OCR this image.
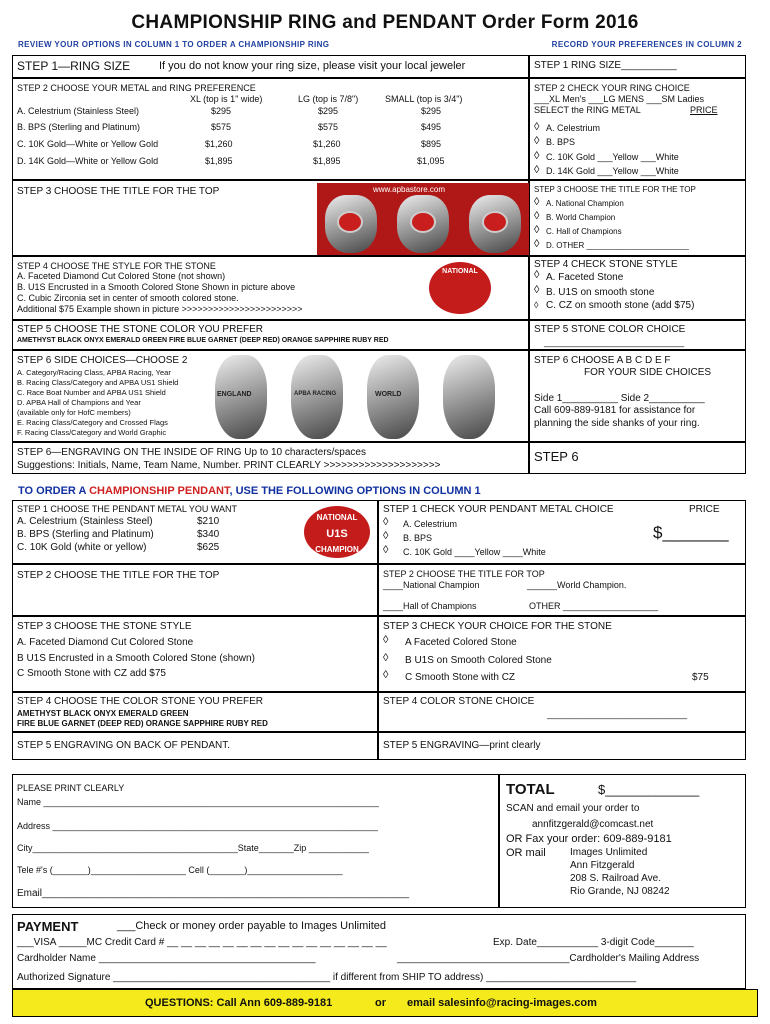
CHAMPIONSHIP RING and PENDANT Order Form 2016
REVIEW YOUR OPTIONS IN COLUMN 1 TO ORDER A CHAMPIONSHIP RING	RECORD YOUR PREFERENCES IN COLUMN 2
STEP 1—RING SIZE	If you do not know your ring size, please visit your local jeweler	STEP 1 RING SIZE__________
STEP 2 CHOOSE YOUR METAL and RING PREFERENCE
XL (top is 1" wide)	LG (top is 7/8")	SMALL (top is 3/4")
A. Celestrium (Stainless Steel)	$295	$295	$295
B. BPS (Sterling and Platinum)	$575	$575	$495
C. 10K Gold—White or Yellow Gold	$1,260	$1,260	$895
D. 14K Gold—White or Yellow Gold	$1,895	$1,895	$1,095
STEP 2 CHECK YOUR RING CHOICE
___XL Men's ___LG MENS ___SM Ladies
SELECT the RING METAL	PRICE
◊ A. Celestrium
◊ B. BPS
◊ C. 10K Gold ___Yellow ___White
◊ D. 14K Gold ___Yellow ___White
STEP 3 CHOOSE THE TITLE FOR THE TOP	www.apbastore.com	STEP 3 CHOOSE THE TITLE FOR THE TOP
◊ A. National Champion
◊ B. World Champion
◊ C. Hall of Champions
◊ D. OTHER _______________________
STEP 4 CHOOSE THE STYLE FOR THE STONE
A. Faceted Diamond Cut Colored Stone (not shown)
B. U1S Encrusted in a Smooth Colored Stone Shown in picture above
C. Cubic Zirconia set in center of smooth colored stone.
Additional $75 Example shown in picture >>>>>>>>>>>>>>>>>>>>>>>
NATIONAL
STEP 4 CHECK STONE STYLE
◊ A. Faceted Stone
◊ B. U1S on smooth stone
◊ C. CZ on smooth stone (add $75)
STEP 5 CHOOSE THE STONE COLOR YOU PREFER
AMETHYST BLACK ONYX EMERALD GREEN FIRE BLUE GARNET (DEEP RED) ORANGE SAPPHIRE RUBY RED
STEP 5 STONE COLOR CHOICE
____________________________
STEP 6 SIDE CHOICES—CHOOSE 2
A. Category/Racing Class, APBA Racing, Year
B. Racing Class/Category and APBA US1 Shield
C. Race Boat Number and APBA US1 Shield
D. APBA Hall of Champions and Year
(available only for HofC members)
E. Racing Class/Category and Crossed Flags
F. Racing Class/Category and World Graphic
ENGLAND	APBA RACING	WORLD
STEP 6 CHOOSE A B C D E F
FOR YOUR SIDE CHOICES
Side 1__________ Side 2__________
Call 609-889-9181 for assistance for
planning the side shanks of your ring.
STEP 6—ENGRAVING ON THE INSIDE OF RING Up to 10 characters/spaces
Suggestions: Initials, Name, Team Name, Number. PRINT CLEARLY >>>>>>>>>>>>>>>>>>>>
STEP 6
TO ORDER A CHAMPIONSHIP PENDANT, USE THE FOLLOWING OPTIONS IN COLUMN 1
STEP 1 CHOOSE THE PENDANT METAL YOU WANT
A. Celestrium (Stainless Steel)	$210
B. BPS (Sterling and Platinum)	$340
C. 10K Gold (white or yellow)	$625
NATIONAL
U1S
CHAMPION
STEP 1 CHECK YOUR PENDANT METAL CHOICE	PRICE
◊ A. Celestrium
◊ B. BPS
◊ C. 10K Gold ____Yellow ____White
$_______
STEP 2 CHOOSE THE TITLE FOR THE TOP	STEP 2 CHOOSE THE TITLE FOR TOP
____National Champion	______World Champion.
____Hall of Champions	OTHER ___________________
STEP 3 CHOOSE THE STONE STYLE
A. Faceted Diamond Cut Colored Stone
B U1S Encrusted in a Smooth Colored Stone (shown)
C Smooth Stone with CZ add $75
STEP 3 CHECK YOUR CHOICE FOR THE STONE
◊ A Faceted Colored Stone
◊ B U1S on Smooth Colored Stone
◊ C Smooth Stone with CZ	$75
STEP 4 CHOOSE THE COLOR STONE YOU PREFER
AMETHYST BLACK ONYX EMERALD GREEN
FIRE BLUE GARNET (DEEP RED) ORANGE SAPPHIRE RUBY RED
STEP 4 COLOR STONE CHOICE
____________________________
STEP 5 ENGRAVING ON BACK OF PENDANT.	STEP 5 ENGRAVING—print clearly
PLEASE PRINT CLEARLY
Name ___________________________________________________________________
Address _________________________________________________________________
City_________________________________________State_______Zip ____________
Tele #'s (_______)___________________ Cell (_______)___________________
Email__________________________________________________________________
TOTAL	$_____________
SCAN and email your order to
annfitzgerald@comcast.net
OR Fax your order: 609-889-9181
OR mail Images Unlimited
Ann Fitzgerald
208 S. Railroad Ave.
Rio Grande, NJ 08242
PAYMENT	___Check or money order payable to Images Unlimited
___VISA _____MC Credit Card # __ __ __ __ __ __ __ __ __ __ __ __ __ __ __ __	Exp. Date___________ 3-digit Code_______
Cardholder Name _______________________________________	_______________________________Cardholder's Mailing Address
Authorized Signature _______________________________________ if different from SHIP TO address) ___________________________
QUESTIONS: Call Ann 609-889-9181	or email salesinfo@racing-images.com
